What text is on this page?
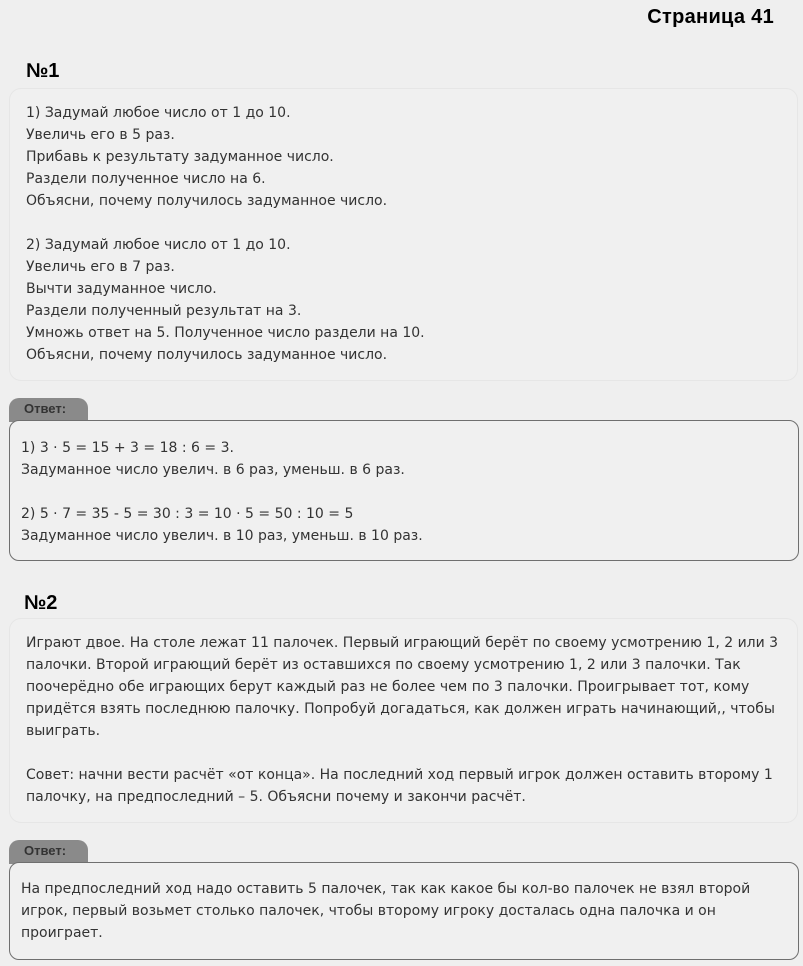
Страница 41
№1
1) Задумай любое число от 1 до 10.
Увеличь его в 5 раз.
Прибавь к результату задуманное число.
Раздели полученное число на 6.
Объясни, почему получилось задуманное число.
2) Задумай любое число от 1 до 10.
Увеличь его в 7 раз.
Вычти задуманное число.
Раздели полученный результат на 3.
Умножь ответ на 5. Полученное число раздели на 10.
Объясни, почему получилось задуманное число.
Ответ:
1) 3 · 5 = 15 + 3 = 18 : 6 = 3.
Задуманное число увелич. в 6 раз, уменьш. в 6 раз.
2) 5 · 7 = 35 - 5 = 30 : 3 = 10 · 5 = 50 : 10 = 5
Задуманное число увелич. в 10 раз, уменьш. в 10 раз.
№2
Играют двое. На столе лежат 11 палочек. Первый играющий берёт по своему усмотрению 1, 2 или 3 палочки. Второй играющий берёт из оставшихся по своему усмотрению 1, 2 или 3 палочки. Так поочерёдно обе играющих берут каждый раз не более чем по 3 палочки. Проигрывает тот, кому придётся взять последнюю палочку. Попробуй догадаться, как должен играть начинающий,, чтобы выиграть.
Совет: начни вести расчёт «от конца». На последний ход первый игрок должен оставить второму 1 палочку, на предпоследний – 5. Объясни почему и закончи расчёт.
Ответ:
На предпоследний ход надо оставить 5 палочек, так как какое бы кол-во палочек не взял второй игрок, первый возьмет столько палочек, чтобы второму игроку досталась одна палочка и он проиграет.
